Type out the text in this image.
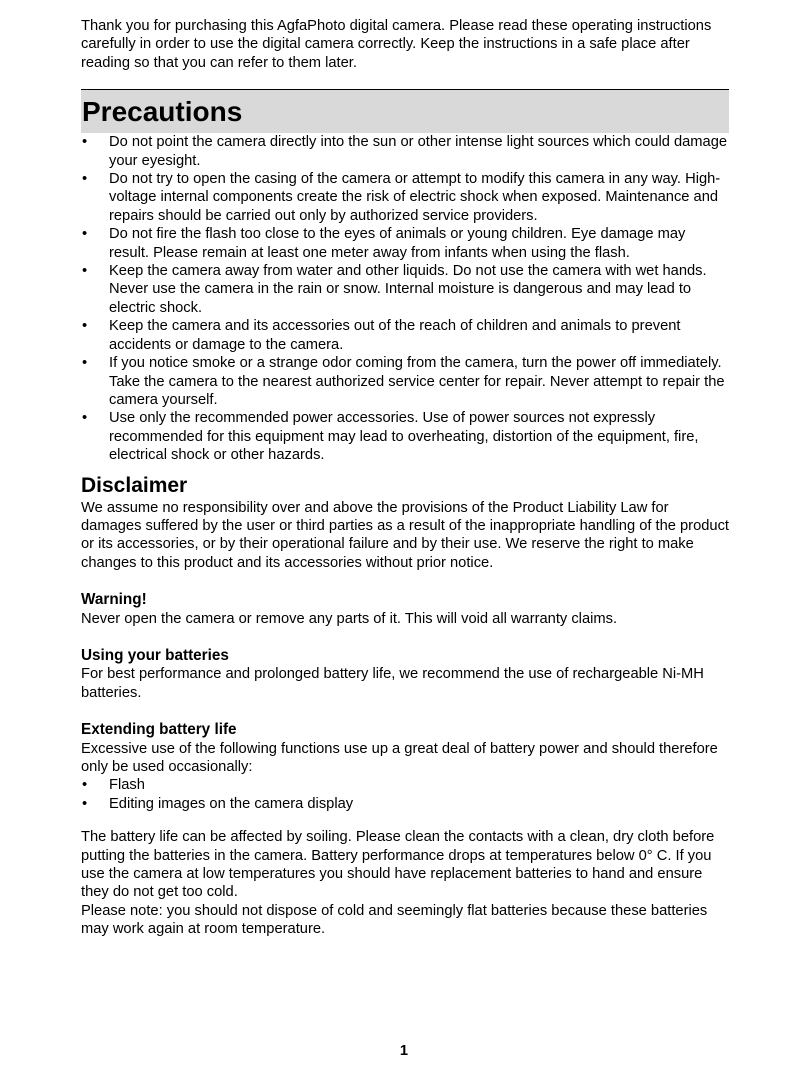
Thank you for purchasing this AgfaPhoto digital camera. Please read these operating instructions carefully in order to use the digital camera correctly. Keep the instructions in a safe place after reading so that you can refer to them later.

Precautions
•	Do not point the camera directly into the sun or other intense light sources which could damage your eyesight.
•	Do not try to open the casing of the camera or attempt to modify this camera in any way. High-voltage internal components create the risk of electric shock when exposed. Maintenance and repairs should be carried out only by authorized service providers.
•	Do not fire the flash too close to the eyes of animals or young children. Eye damage may result. Please remain at least one meter away from infants when using the flash.
•	Keep the camera away from water and other liquids. Do not use the camera with wet hands. Never use the camera in the rain or snow. Internal moisture is dangerous and may lead to electric shock.
•	Keep the camera and its accessories out of the reach of children and animals to prevent accidents or damage to the camera.
•	If you notice smoke or a strange odor coming from the camera, turn the power off immediately. Take the camera to the nearest authorized service center for repair. Never attempt to repair the camera yourself.
•	Use only the recommended power accessories. Use of power sources not expressly recommended for this equipment may lead to overheating, distortion of the equipment, fire, electrical shock or other hazards.
Disclaimer

We assume no responsibility over and above the provisions of the Product Liability Law for damages suffered by the user or third parties as a result of the inappropriate handling of the product or its accessories, or by their operational failure and by their use. We reserve the right to make changes to this product and its accessories without prior notice.

Warning!

Never open the camera or remove any parts of it. This will void all warranty claims.

Using your batteries

For best performance and prolonged battery life, we recommend the use of rechargeable Ni-MH batteries.

Extending battery life

Excessive use of the following functions use up a great deal of battery power and should therefore only be used occasionally:

•	Flash
•	Editing images on the camera display

The battery life can be affected by soiling. Please clean the contacts with a clean, dry cloth before putting the batteries in the camera. Battery performance drops at temperatures below 0° C. If you use the camera at low temperatures you should have replacement batteries to hand and ensure they do not get too cold.

Please note: you should not dispose of cold and seemingly flat batteries because these batteries may work again at room temperature.

1
